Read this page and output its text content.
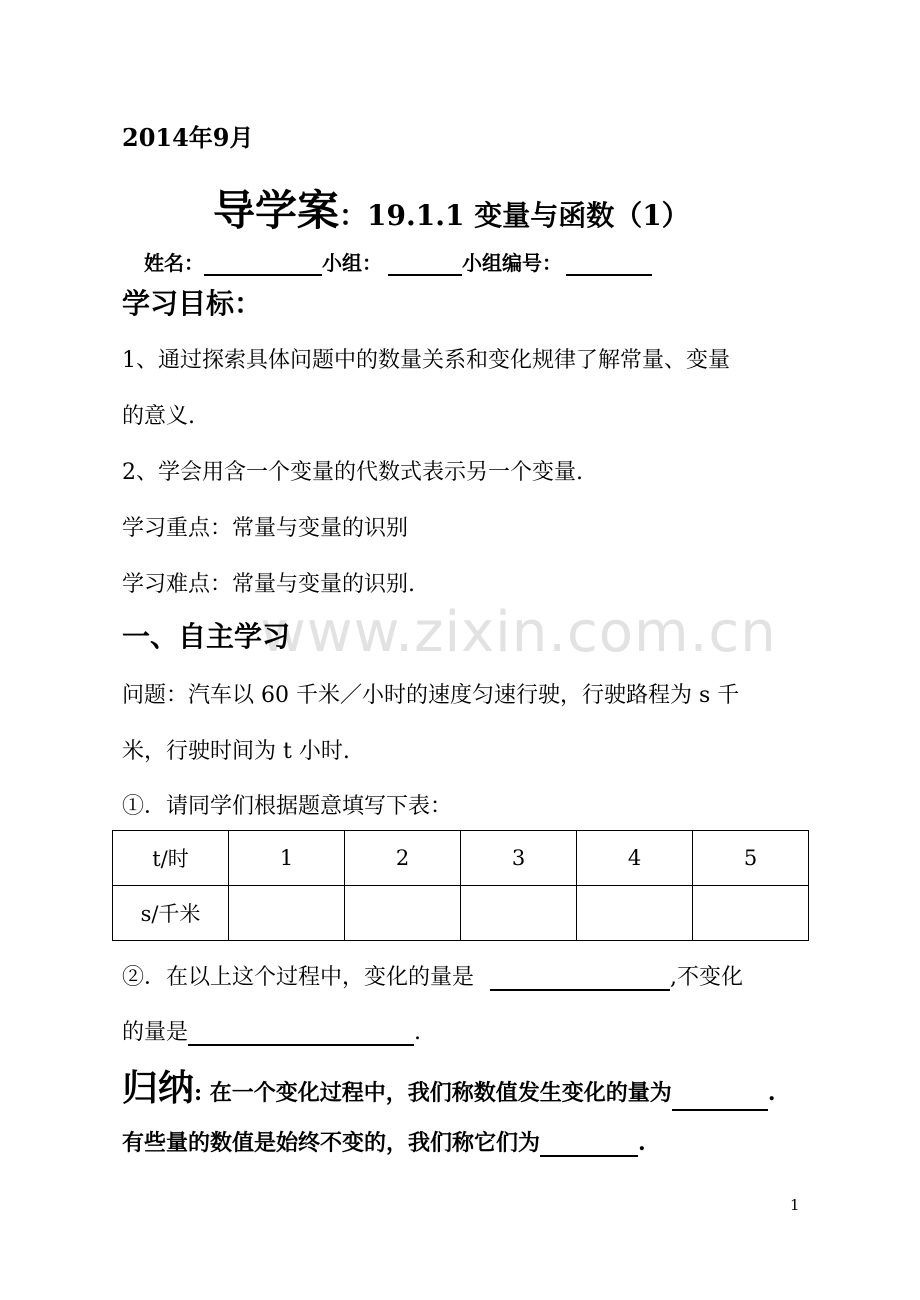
2014年9月
导学案：19.1.1 变量与函数（1）
姓名：	小组：	小组编号：
学习目标：
1、通过探索具体问题中的数量关系和变化规律了解常量、变量
的意义.
2、学会用含一个变量的代数式表示另一个变量.
学习重点：常量与变量的识别
学习难点：常量与变量的识别.
www.zixin.com.cn
一、自主学习
问题：汽车以 60 千米／小时的速度匀速行驶，行驶路程为 s 千
米，行驶时间为 t 小时.
①．请同学们根据题意填写下表：
t/时	1	2	3	4	5
s/千米					
②．在以上这个过程中，变化的量是	,不变化
的量是	.
归纳: 在一个变化过程中，我们称数值发生变化的量为	.
有些量的数值是始终不变的，我们称它们为	.
1
